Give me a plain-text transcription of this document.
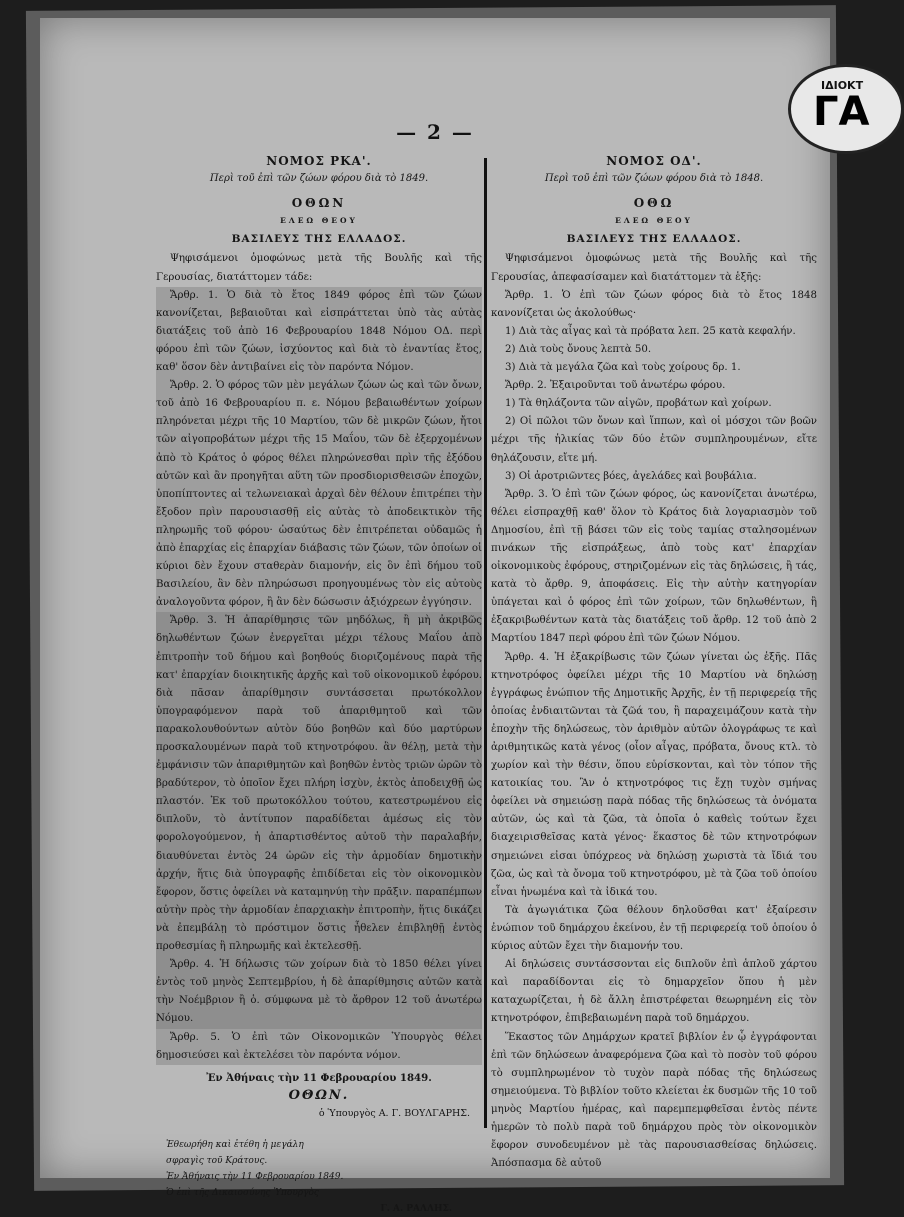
— 2 —
ΙΔΙΟΚΤ
ΓΑ

ΝΟΜΟΣ ΡΚΑ'.

Περὶ τοῦ ἐπὶ τῶν ζώων φόρου διὰ τὸ 1849.

ΟΘΩΝ

ΕΛΕΩ ΘΕΟΥ

ΒΑΣΙΛΕΥΣ ΤΗΣ ΕΛΛΑΔΟΣ.

Ψηφισάμενοι ὁμοφώνως μετὰ τῆς Βουλῆς καὶ τῆς Γερουσίας, διατάττομεν τάδε:

Ἄρθρ. 1. Ὁ διὰ τὸ ἔτος 1849 φόρος ἐπὶ τῶν ζώων κανονίζεται, βεβαιοῦται καὶ εἰσπράττεται ὑπὸ τὰς αὐτὰς διατάξεις τοῦ ἀπὸ 16 Φεβρουαρίου 1848 Νόμου ΟΔ. περὶ φόρου ἐπὶ τῶν ζώων, ἰσχύοντος καὶ διὰ τὸ ἐναντίας ἔτος, καθ' ὅσον δὲν ἀντιβαίνει εἰς τὸν παρόντα Νόμον.

Ἄρθρ. 2. Ὁ φόρος τῶν μὲν μεγάλων ζώων ὡς καὶ τῶν ὄνων, τοῦ ἀπὸ 16 Φεβρουαρίου π. ε. Νόμου βεβαιωθέντων χοίρων πληρόνεται μέχρι τῆς 10 Μαρτίου, τῶν δὲ μικρῶν ζώων, ἤτοι τῶν αἰγοπροβάτων μέχρι τῆς 15 Μαΐου, τῶν δὲ ἐξερχομένων ἀπὸ τὸ Κράτος ὁ φόρος θέλει πληρώνεσθαι πρὶν τῆς ἐξόδου αὐτῶν καὶ ἂν προηγῆται αὕτη τῶν προσδιορισθεισῶν ἐποχῶν, ὑποπίπτοντες αἱ τελωνειακαὶ ἀρχαὶ δὲν θέλουν ἐπιτρέπει τὴν ἔξοδον πρὶν παρουσιασθῇ εἰς αὐτὰς τὸ ἀποδεικτικὸν τῆς πληρωμῆς τοῦ φόρου· ὡσαύτως δὲν ἐπιτρέπεται οὐδαμῶς ἡ ἀπὸ ἐπαρχίας εἰς ἐπαρχίαν διάβασις τῶν ζώων, τῶν ὁποίων οἱ κύριοι δὲν ἔχουν σταθερὰν διαμονήν, εἰς ὃν ἐπὶ δήμου τοῦ Βασιλείου, ἂν δὲν πληρώσωσι προηγουμένως τὸν εἰς αὐτοὺς ἀναλογοῦντα φόρον, ἢ ἂν δὲν δώσωσιν ἀξιόχρεων ἐγγύησιν.

Ἄρθρ. 3. Ἡ ἀπαρίθμησις τῶν μηδόλως, ἢ μὴ ἀκριβῶς δηλωθέντων ζώων ἐνεργεῖται μέχρι τέλους Μαΐου ἀπὸ ἐπιτροπὴν τοῦ δήμου καὶ βοηθούς διοριζομένους παρὰ τῆς κατ' ἐπαρχίαν διοικητικῆς ἀρχῆς καὶ τοῦ οἰκονομικοῦ ἐφόρου. διὰ πᾶσαν ἀπαρίθμησιν συντάσσεται πρωτόκολλον ὑπογραφόμενον παρὰ τοῦ ἀπαριθμητοῦ καὶ τῶν παρακολουθούντων αὐτὸν δύο βοηθῶν καὶ δύο μαρτύρων προσκαλουμένων παρὰ τοῦ κτηνοτρόφου. ἂν θέλῃ, μετὰ τὴν ἐμφάνισιν τῶν ἀπαριθμητῶν καὶ βοηθῶν ἐντὸς τριῶν ὡρῶν τὸ βραδύτερον, τὸ ὁποῖον ἔχει πλήρη ἰσχὺν, ἐκτὸς ἀποδειχθῇ ὡς πλαστόν. Ἐκ τοῦ πρωτοκόλλου τούτου, κατεστρωμένου εἰς διπλοῦν, τὸ ἀντίτυπον παραδίδεται ἀμέσως εἰς τὸν φορολογούμενον, ἡ ἀπαρτισθέντος αὐτοῦ τὴν παραλαβήν, διαυθύνεται ἐντὸς 24 ὡρῶν εἰς τὴν ἁρμοδίαν δημοτικὴν ἀρχήν, ἥτις διὰ ὑπογραφῆς ἐπιδίδεται εἰς τὸν οἰκονομικὸν ἔφορον, ὅστις ὀφείλει νὰ καταμηνύῃ τὴν πρᾶξιν. παραπέμπων αὐτὴν πρὸς τὴν ἁρμοδίαν ἐπαρχιακὴν ἐπιτροπὴν, ἥτις δικάζει νὰ ἐπεμβάλῃ τὸ πρόστιμον ὅστις ἦθελεν ἐπιβληθῇ ἐντὸς προθεσμίας ἢ πληρωμῆς καὶ ἐκτελεσθῇ.

Ἄρθρ. 4. Ἡ δήλωσις τῶν χοίρων διὰ τὸ 1850 θέλει γίνει ἐντὸς τοῦ μηνὸς Σεπτεμβρίου, ἡ δὲ ἀπαρίθμησις αὐτῶν κατὰ τὴν Νοέμβριον ἢ ὁ. σύμφωνα μὲ τὸ ἄρθρον 12 τοῦ ἀνωτέρω Νόμου.

Ἄρθρ. 5. Ὁ ἐπὶ τῶν Οἰκονομικῶν Ὑπουργὸς θέλει δημοσιεύσει καὶ ἐκτελέσει τὸν παρόντα νόμον.

Ἐν Ἀθήναις τὴν 11 Φεβρουαρίου 1849.

ΟΘΩΝ.

ὁ Ὑπουργὸς Α. Γ. ΒΟΥΛΓΑΡΗΣ.

Ἐθεωρήθη καὶ ἐτέθη ἡ μεγάλη
σφραγὶς τοῦ Κράτους.
Ἐν Ἀθήναις τὴν 11 Φεβρουαρίου 1849.
Ὁ ἐπὶ τῆς Δικαιοσύνης Ὑπουργὸς
Γ. Α. ΡΑΛΛΗΣ.

ΝΟΜΟΣ ΟΔ'.

Περὶ τοῦ ἐπὶ τῶν ζώων φόρου διὰ τὸ 1848.

ΟΘΩ

ΕΛΕΩ ΘΕΟΥ

ΒΑΣΙΛΕΥΣ ΤΗΣ ΕΛΛΑΔΟΣ.

Ψηφισάμενοι ὁμοφώνως μετὰ τῆς Βουλῆς καὶ τῆς Γερουσίας, ἀπεφασίσαμεν καὶ διατάττομεν τὰ ἑξῆς:

Ἄρθρ. 1. Ὁ ἐπὶ τῶν ζώων φόρος διὰ τὸ ἔτος 1848 κανονίζεται ὡς ἀκολούθως·

1) Διὰ τὰς αἶγας καὶ τὰ πρόβατα λεπ. 25 κατὰ κεφαλήν.

2) Διὰ τοὺς ὄνους λεπτὰ 50.

3) Διὰ τὰ μεγάλα ζῶα καὶ τοὺς χοίρους δρ. 1.

Ἄρθρ. 2. Ἐξαιροῦνται τοῦ ἀνωτέρω φόρου.

1) Τὰ θηλάζοντα τῶν αἰγῶν, προβάτων καὶ χοίρων.

2) Οἱ πῶλοι τῶν ὄνων καὶ ἵππων, καὶ οἱ μόσχοι τῶν βοῶν μέχρι τῆς ἡλικίας τῶν δύο ἐτῶν συμπληρουμένων, εἴτε θηλάζουσιν, εἴτε μή.

3) Οἱ ἀροτριῶντες βόες, ἀγελάδες καὶ βουβάλια.

Ἄρθρ. 3. Ὁ ἐπὶ τῶν ζώων φόρος, ὡς κανονίζεται ἀνωτέρω, θέλει εἰσπραχθῇ καθ' ὅλον τὸ Κράτος διὰ λογαριασμὸν τοῦ Δημοσίου, ἐπὶ τῇ βάσει τῶν εἰς τοὺς ταμίας σταλησομένων πινάκων τῆς εἰσπράξεως, ἀπὸ τοὺς κατ' ἐπαρχίαν οἰκονομικοὺς ἐφόρους, στηριζομένων εἰς τὰς δηλώσεις, ἢ τάς, κατὰ τὸ ἄρθρ. 9, ἀποφάσεις. Εἰς τὴν αὐτὴν κατηγορίαν ὑπάγεται καὶ ὁ φόρος ἐπὶ τῶν χοίρων, τῶν δηλωθέντων, ἢ ἐξακριβωθέντων κατὰ τὰς διατάξεις τοῦ ἄρθρ. 12 τοῦ ἀπὸ 2 Μαρτίου 1847 περὶ φόρου ἐπὶ τῶν ζώων Νόμου.

Ἄρθρ. 4. Ἡ ἐξακρίβωσις τῶν ζώων γίνεται ὡς ἑξῆς. Πᾶς κτηνοτρόφος ὀφείλει μέχρι τῆς 10 Μαρτίου νὰ δηλώσῃ ἐγγράφως ἐνώπιον τῆς Δημοτικῆς Ἀρχῆς, ἐν τῇ περιφερείᾳ τῆς ὁποίας ἐνδιαιτῶνται τὰ ζῶά του, ἢ παραχειμάζουν κατὰ τὴν ἐποχὴν τῆς δηλώσεως, τὸν ἀριθμὸν αὐτῶν ὁλογράφως τε καὶ ἀριθμητικῶς κατὰ γένος (οἷον αἶγας, πρόβατα, ὄνους κτλ. τὸ χωρίον καὶ τὴν θέσιν, ὅπου εὑρίσκονται, καὶ τὸν τόπον τῆς κατοικίας του. Ἂν ὁ κτηνοτρόφος τις ἔχῃ τυχὸν σμήνας ὀφείλει νὰ σημειώσῃ παρὰ πόδας τῆς δηλώσεως τὰ ὀνόματα αὐτῶν, ὡς καὶ τὰ ζῶα, τὰ ὁποῖα ὁ καθεὶς τούτων ἔχει διαχειρισθεῖσας κατὰ γένος· ἕκαστος δὲ τῶν κτηνοτρόφων σημειώνει εἰσαι ὑπόχρεος νὰ δηλώσῃ χωριστὰ τὰ ἴδιά του ζῶα, ὡς καὶ τὰ ὄνομα τοῦ κτηνοτρόφου, μὲ τὰ ζῶα τοῦ ὁποίου εἶναι ἡνωμένα καὶ τὰ ἰδικά του.

Τὰ ἀγωγιάτικα ζῶα θέλουν δηλοῦσθαι κατ' ἐξαίρεσιν ἐνώπιον τοῦ δημάρχου ἐκείνου, ἐν τῇ περιφερείᾳ τοῦ ὁποίου ὁ κύριος αὐτῶν ἔχει τὴν διαμονήν του.

Αἱ δηλώσεις συντάσσονται εἰς διπλοῦν ἐπὶ ἁπλοῦ χάρτου καὶ παραδίδονται εἰς τὸ δημαρχεῖον ὅπου ἡ μὲν καταχωρίζεται, ἡ δὲ ἄλλη ἐπιστρέφεται θεωρημένη εἰς τὸν κτηνοτρόφον, ἐπιβεβαιωμένη παρὰ τοῦ δημάρχου.

Ἕκαστος τῶν Δημάρχων κρατεῖ βιβλίον ἐν ᾧ ἐγγράφονται ἐπὶ τῶν δηλώσεων ἀναφερόμενα ζῶα καὶ τὸ ποσὸν τοῦ φόρου τὸ συμπληρωμένον τὸ τυχὸν παρὰ πόδας τῆς δηλώσεως σημειούμενα. Τὸ βιβλίον τοῦτο κλείεται ἐκ δυσμῶν τῆς 10 τοῦ μηνὸς Μαρτίου ἡμέρας, καὶ παρεμπεμφθεῖσαι ἐντὸς πέντε ἡμερῶν τὸ πολὺ παρὰ τοῦ δημάρχου πρὸς τὸν οἰκονομικὸν ἔφορον συνοδευμένον μὲ τὰς παρουσιασθείσας δηλώσεις. Ἀπόσπασμα δὲ αὐτοῦ
